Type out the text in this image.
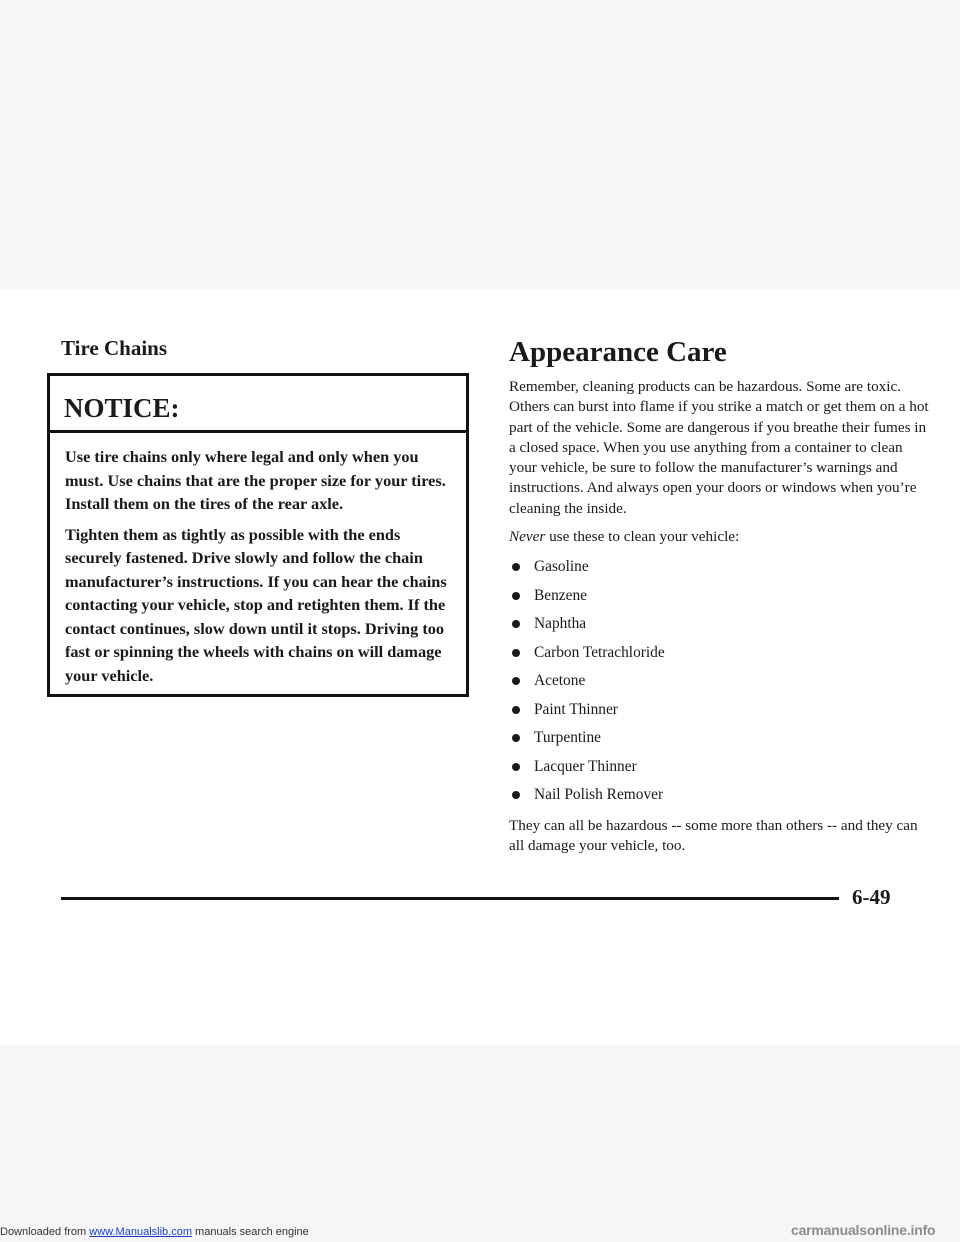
Tire Chains
NOTICE:

Use tire chains only where legal and only when you must. Use chains that are the proper size for your tires. Install them on the tires of the rear axle.

Tighten them as tightly as possible with the ends securely fastened. Drive slowly and follow the chain manufacturer’s instructions. If you can hear the chains contacting your vehicle, stop and retighten them. If the contact continues, slow down until it stops. Driving too fast or spinning the wheels with chains on will damage your vehicle.

Appearance Care

Remember, cleaning products can be hazardous. Some are toxic. Others can burst into flame if you strike a match or get them on a hot part of the vehicle. Some are dangerous if you breathe their fumes in a closed space. When you use anything from a container to clean your vehicle, be sure to follow the manufacturer’s warnings and instructions. And always open your doors or windows when you’re cleaning the inside.

Never use these to clean your vehicle:

Gasoline
Benzene
Naphtha
Carbon Tetrachloride
Acetone
Paint Thinner
Turpentine
Lacquer Thinner
Nail Polish Remover

They can all be hazardous -- some more than others -- and they can all damage your vehicle, too.

6-49
Downloaded from www.Manualslib.com manuals search engine	carmanualsonline.info
